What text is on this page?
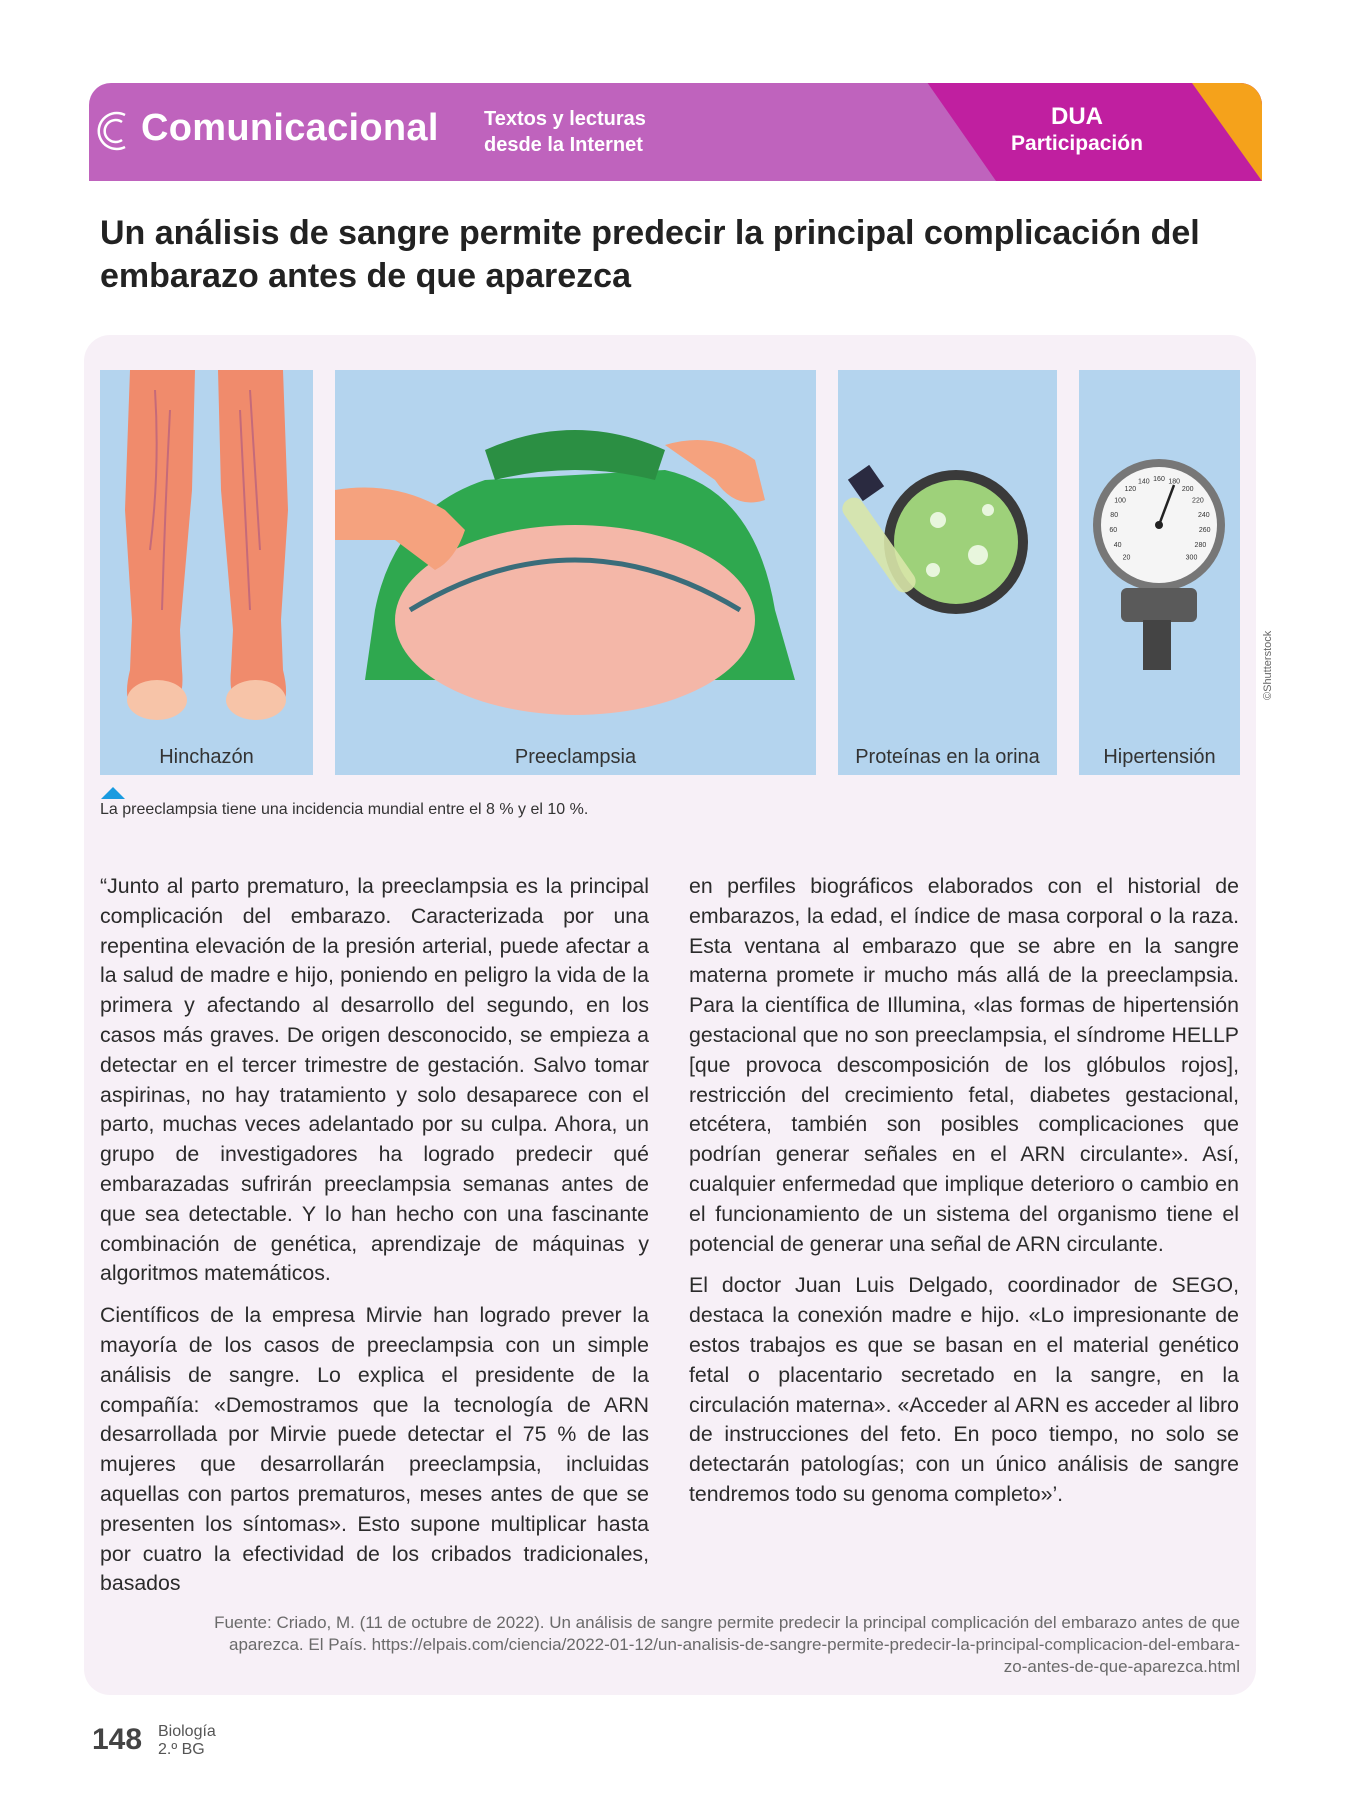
Comunicacional Textos y lecturas
desde la Internet
DUA
Participación
Un análisis de sangre permite predecir la principal complicación del embarazo antes de que aparezca
Hinchazón	Preeclampsia	Proteínas en la orina
20
40
60
80
100
120
140 160 180
200
220
240
260
280
300
Hipertensión
©Shutterstock
La preeclampsia tiene una incidencia mundial entre el 8 % y el 10 %.

“Junto al parto prematuro, la preeclampsia es la principal complicación del embarazo. Caracterizada por una repentina elevación de la presión arterial, puede afectar a la salud de madre e hijo, poniendo en peligro la vida de la primera y afectando al desarrollo del segundo, en los casos más graves. De origen desconocido, se empieza a detectar en el tercer trimestre de gestación. Salvo tomar aspirinas, no hay tratamiento y solo desaparece con el parto, muchas veces adelantado por su culpa. Ahora, un grupo de investigadores ha logrado predecir qué embarazadas sufrirán preeclampsia semanas antes de que sea detectable. Y lo han hecho con una fascinante combinación de genética, aprendizaje de máquinas y algoritmos matemáticos.

Científicos de la empresa Mirvie han logrado prever la mayoría de los casos de preeclampsia con un simple análisis de sangre. Lo explica el presidente de la compañía: «Demostramos que la tecnología de ARN desarrollada por Mirvie puede detectar el 75 % de las mujeres que desarrollarán preeclampsia, incluidas aquellas con partos prematuros, meses antes de que se presenten los síntomas». Esto supone multiplicar hasta por cuatro la efectividad de los cribados tradicionales, basados

en perfiles biográficos elaborados con el historial de embarazos, la edad, el índice de masa corporal o la raza. Esta ventana al embarazo que se abre en la sangre materna promete ir mucho más allá de la preeclampsia. Para la científica de Illumina, «las formas de hipertensión gestacional que no son preeclampsia, el síndrome HELLP [que provoca descomposición de los glóbulos rojos], restricción del crecimiento fetal, diabetes gestacional, etcétera, también son posibles complicaciones que podrían generar señales en el ARN circulante». Así, cualquier enfermedad que implique deterioro o cambio en el funcionamiento de un sistema del organismo tiene el potencial de generar una señal de ARN circulante.

El doctor Juan Luis Delgado, coordinador de SEGO, destaca la conexión madre e hijo. «Lo impresionante de estos trabajos es que se basan en el material genético fetal o placentario secretado en la sangre, en la circulación materna». «Acceder al ARN es acceder al libro de instrucciones del feto. En poco tiempo, no solo se detectarán patologías; con un único análisis de sangre tendremos todo su genoma completo»’.

Fuente: Criado, M. (11 de octubre de 2022). Un análisis de sangre permite predecir la principal complicación del embarazo antes de que
aparezca. El País. https://elpais.com/ciencia/2022-01-12/un-analisis-de-sangre-permite-predecir-la-principal-complicacion-del-embara-
zo-antes-de-que-aparezca.html
148 Biología
2.º BG
